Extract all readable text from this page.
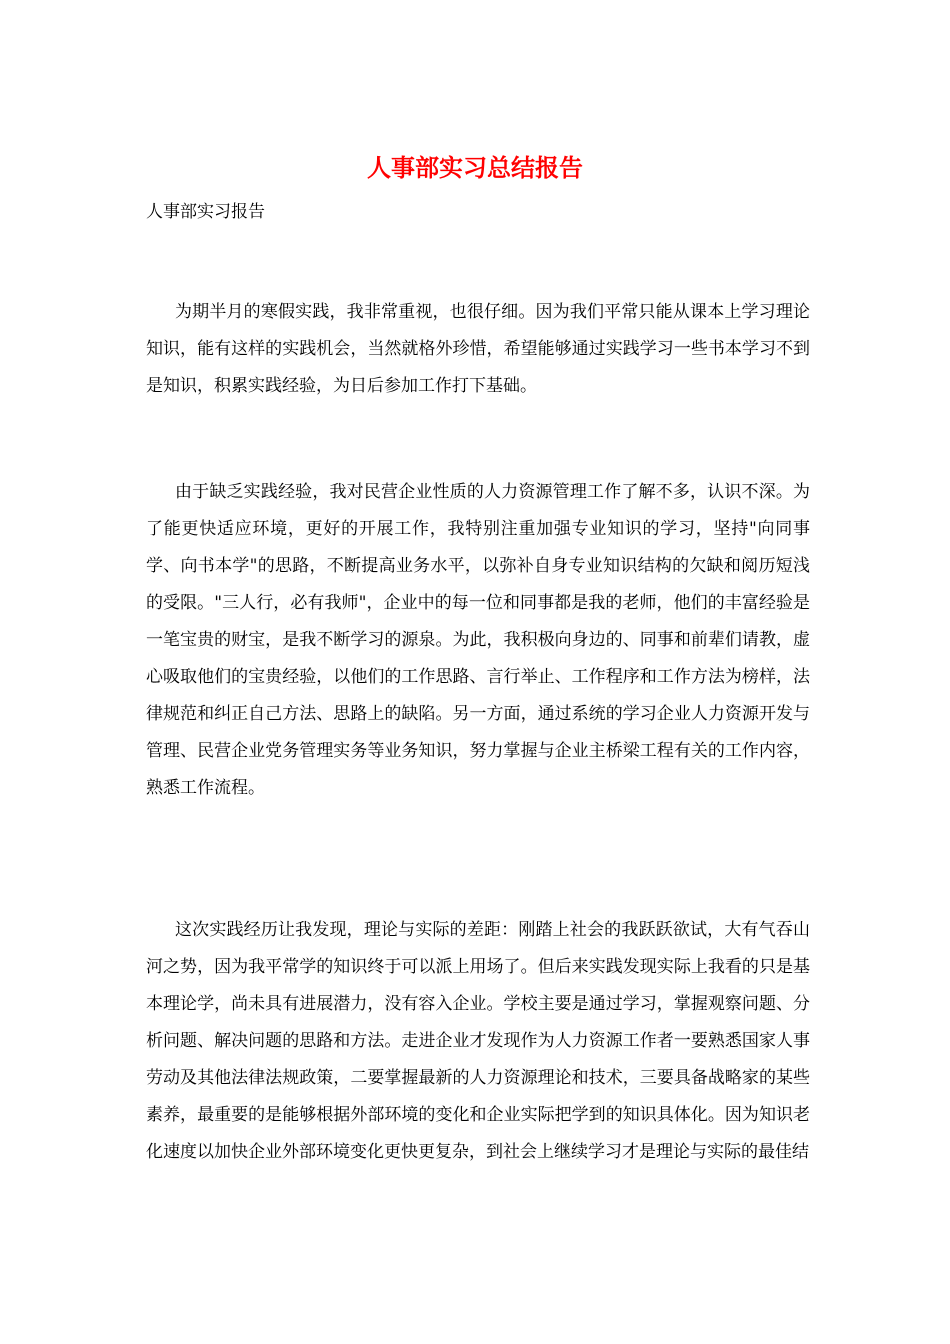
人事部实习总结报告
人事部实习报告

为期半月的寒假实践，我非常重视，也很仔细。因为我们平常只能从课本上学习理论知识，能有这样的实践机会，当然就格外珍惜，希望能够通过实践学习一些书本学习不到是知识，积累实践经验，为日后参加工作打下基础。

由于缺乏实践经验，我对民营企业性质的人力资源管理工作了解不多，认识不深。为了能更快适应环境，更好的开展工作，我特别注重加强专业知识的学习，坚持"向同事学、向书本学"的思路，不断提高业务水平，以弥补自身专业知识结构的欠缺和阅历短浅的受限。"三人行，必有我师"，企业中的每一位和同事都是我的老师，他们的丰富经验是一笔宝贵的财宝，是我不断学习的源泉。为此，我积极向身边的、同事和前辈们请教，虚心吸取他们的宝贵经验，以他们的工作思路、言行举止、工作程序和工作方法为榜样，法律规范和纠正自己方法、思路上的缺陷。另一方面，通过系统的学习企业人力资源开发与管理、民营企业党务管理实务等业务知识，努力掌握与企业主桥梁工程有关的工作内容，熟悉工作流程。

这次实践经历让我发现，理论与实际的差距：刚踏上社会的我跃跃欲试，大有气吞山河之势，因为我平常学的知识终于可以派上用场了。但后来实践发现实际上我看的只是基本理论学，尚未具有进展潜力，没有容入企业。学校主要是通过学习，掌握观察问题、分析问题、解决问题的思路和方法。走进企业才发现作为人力资源工作者一要熟悉国家人事劳动及其他法律法规政策，二要掌握最新的人力资源理论和技术，三要具备战略家的某些素养，最重要的是能够根据外部环境的变化和企业实际把学到的知识具体化。因为知识老化速度以加快企业外部环境变化更快更复杂，到社会上继续学习才是理论与实际的最佳结
